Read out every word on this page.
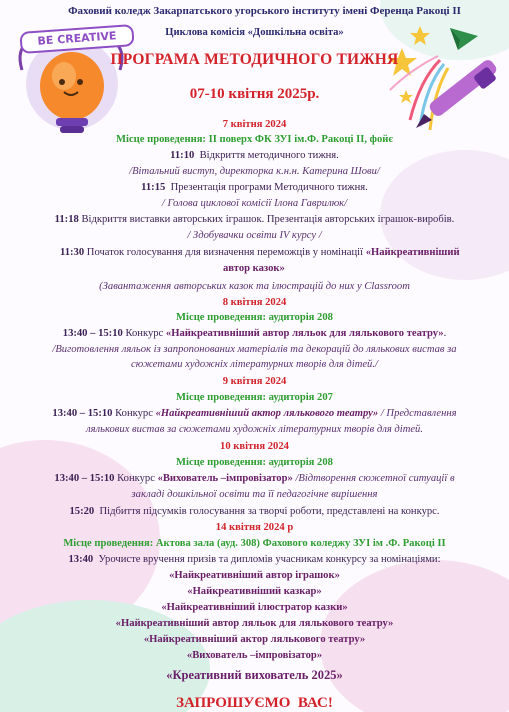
BE CREATIVE
Фаховий коледж Закарпатського угорського інституту імені Ференца Ракоці ІІ
Циклова комісія «Дошкільна освіта»
ПРОГРАМА МЕТОДИЧНОГО ТИЖНЯ
07-10 квітня 2025р.
7 квітня 2024
Місце проведення: ІІ поверх ФК ЗУІ ім.Ф. Ракоці ІІ, фойє
11:10 Відкриття методичного тижня.
/Вітальний виступ, директорка к.н.н. Катерина Шови/
11:15 Презентація програми Методичного тижня.
/ Голова циклової комісії Ілона Гаврилюк/
11:18 Відкриття виставки авторських іграшок. Презентація авторських іграшок-виробів.
/ Здобувачки освіти IV курсу /
11:30 Початок голосування для визначення переможців у номінації «Найкреативніший
автор казок»
(Завантаження авторських казок та ілюстрацій до них у Classroom
8 квітня 2024
Місце проведення: аудиторія 208
13:40 – 15:10 Конкурс «Найкреативніший автор ляльок для лялькового театру».
/Виготовлення ляльок із запропонованих матеріалів та декорацій до лялькових вистав за
сюжетами художніх літературних творів для дітей./
9 квітня 2024
Місце проведення: аудиторія 207
13:40 – 15:10 Конкурс «Найкреативніший актор лялькового театру» / Представлення
лялькових вистав за сюжетами художніх літературних творів для дітей.
10 квітня 2024
Місце проведення: аудиторія 208
13:40 – 15:10 Конкурс «Вихователь –імпровізатор» /Відтворення сюжетної ситуації в
закладі дошкільної освіти та її педагогічне вирішення
15:20 Підбиття підсумків голосування за творчі роботи, представлені на конкурс.
14 квітня 2024 р
Місце проведення: Актова зала (ауд. 308) Фахового коледжу ЗУІ ім .Ф. Ракоці ІІ
13:40 Урочисте вручення призів та дипломів учасникам конкурсу за номінаціями:
«Найкреативніший автор іграшок»
«Найкреативніший казкар»
«Найкреативніший ілюстратор казки»
«Найкреативніший автор ляльок для лялькового театру»
«Найкреативніший актор лялькового театру»
«Вихователь –імпровізатор»
«Креативний вихователь 2025»
ЗАПРОШУЄМО  ВАС!
